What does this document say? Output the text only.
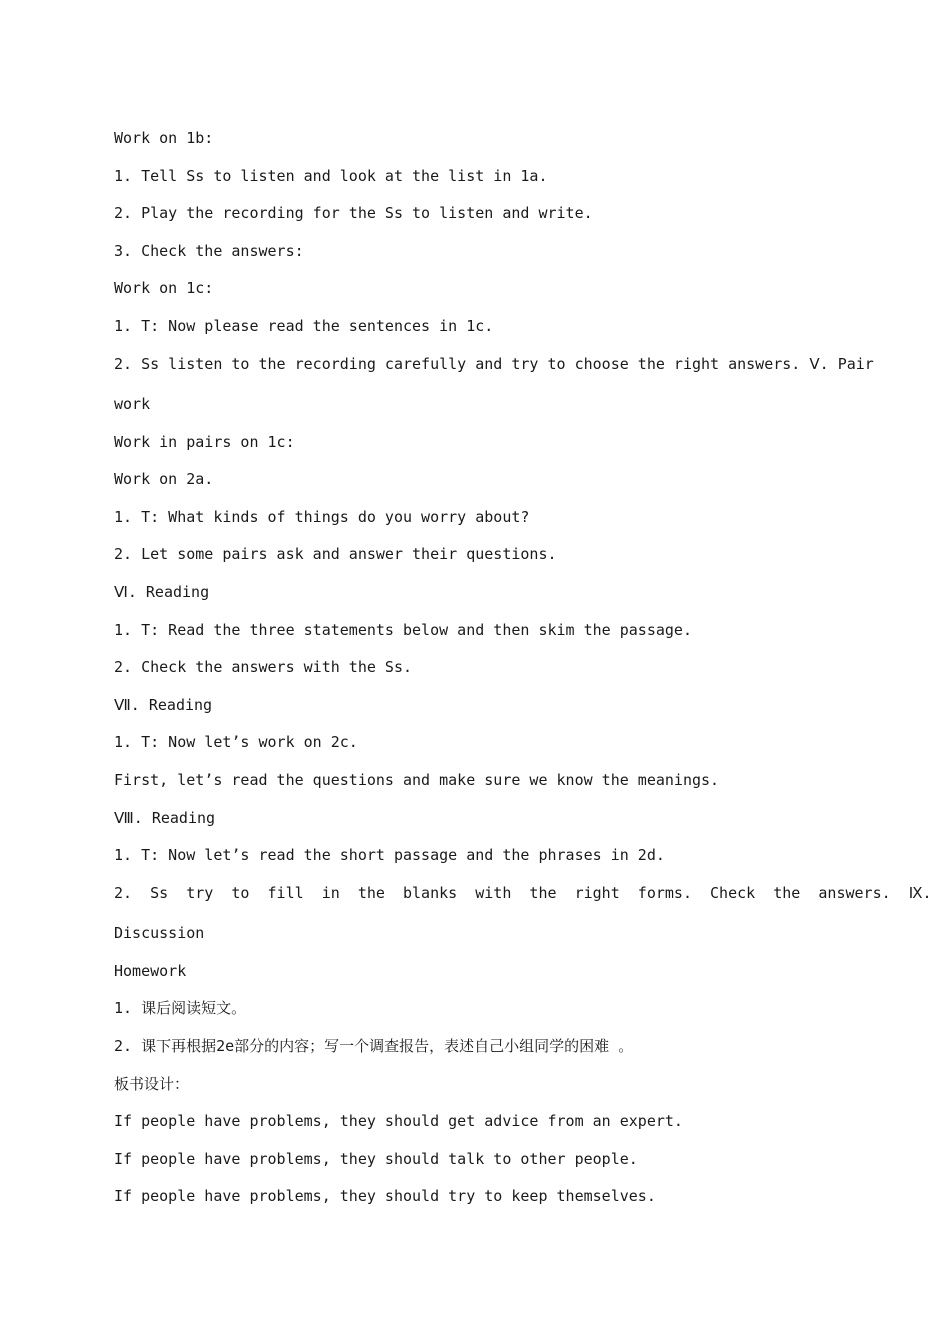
Work on 1b:
1. Tell Ss to listen and look at the list in 1a.
2. Play the recording for the Ss to listen and write.
3. Check the answers:
Work on 1c:
1. T: Now please read the sentences in 1c.
2. Ss listen to the recording carefully and try to choose the right answers. Ⅴ. Pair
work
Work in pairs on 1c:
Work on 2a.
1. T: What kinds of things do you worry about?
2. Let some pairs ask and answer their questions.
Ⅵ. Reading
1. T: Read the three statements below and then skim the passage.
2. Check the answers with the Ss.
Ⅶ. Reading
1. T: Now let’s work on 2c.
First, let’s read the questions and make sure we know the meanings.
Ⅷ. Reading
1. T: Now let’s read the short passage and the phrases in 2d.
2.  Ss  try  to  fill  in  the  blanks  with  the  right  forms.  Check  the  answers.  Ⅸ.
Discussion
Homework
1. 课后阅读短文。
2. 课下再根据2e部分的内容；写一个调查报告，表述自己小组同学的困难 。
板书设计：
If people have problems, they should get advice from an expert.
If people have problems, they should talk to other people.
If people have problems, they should try to keep themselves.
